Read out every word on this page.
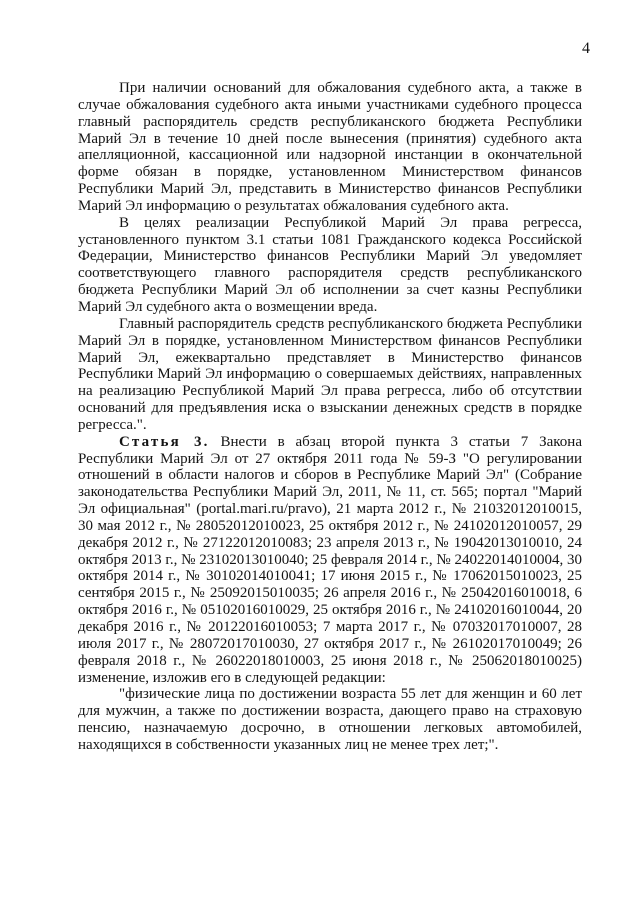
4

При наличии оснований для обжалования судебного акта, а также в случае обжалования судебного акта иными участниками судебного процесса главный распорядитель средств республиканского бюджета Республики Марий Эл в течение 10 дней после вынесения (принятия) судебного акта апелляционной, кассационной или надзорной инстанции в окончательной форме обязан в порядке, установленном Министерством финансов Республики Марий Эл, представить в Министерство финансов Республики Марий Эл информацию о результатах обжалования судебного акта.

В целях реализации Республикой Марий Эл права регресса, установленного пунктом 3.1 статьи 1081 Гражданского кодекса Российской Федерации, Министерство финансов Республики Марий Эл уведомляет соответствующего главного распорядителя средств республиканского бюджета Республики Марий Эл об исполнении за счет казны Республики Марий Эл судебного акта о возмещении вреда.

Главный распорядитель средств республиканского бюджета Республики Марий Эл в порядке, установленном Министерством финансов Республики Марий Эл, ежеквартально представляет в Министерство финансов Республики Марий Эл информацию о совершаемых действиях, направленных на реализацию Республикой Марий Эл права регресса, либо об отсутствии оснований для предъявления иска о взыскании денежных средств в порядке регресса.".

Статья 3. Внести в абзац второй пункта 3 статьи 7 Закона Республики Марий Эл от 27 октября 2011 года № 59-З "О регулировании отношений в области налогов и сборов в Республике Марий Эл" (Собрание законодательства Республики Марий Эл, 2011, № 11, ст. 565; портал "Марий Эл официальная" (portal.mari.ru/pravo), 21 марта 2012 г., № 21032012010015, 30 мая 2012 г., № 28052012010023, 25 октября 2012 г., № 24102012010057, 29 декабря 2012 г., № 27122012010083; 23 апреля 2013 г., № 19042013010010, 24 октября 2013 г., № 23102013010040; 25 февраля 2014 г., № 24022014010004, 30 октября 2014 г., № 30102014010041; 17 июня 2015 г., № 17062015010023, 25 сентября 2015 г., № 25092015010035; 26 апреля 2016 г., № 25042016010018, 6 октября 2016 г., № 05102016010029, 25 октября 2016 г., № 24102016010044, 20 декабря 2016 г., № 20122016010053; 7 марта 2017 г., № 07032017010007, 28 июля 2017 г., № 28072017010030, 27 октября 2017 г., № 26102017010049; 26 февраля 2018 г., № 26022018010003, 25 июня 2018 г., № 25062018010025) изменение, изложив его в следующей редакции:

"физические лица по достижении возраста 55 лет для женщин и 60 лет для мужчин, а также по достижении возраста, дающего право на страховую пенсию, назначаемую досрочно, в отношении легковых автомобилей, находящихся в собственности указанных лиц не менее трех лет;".
